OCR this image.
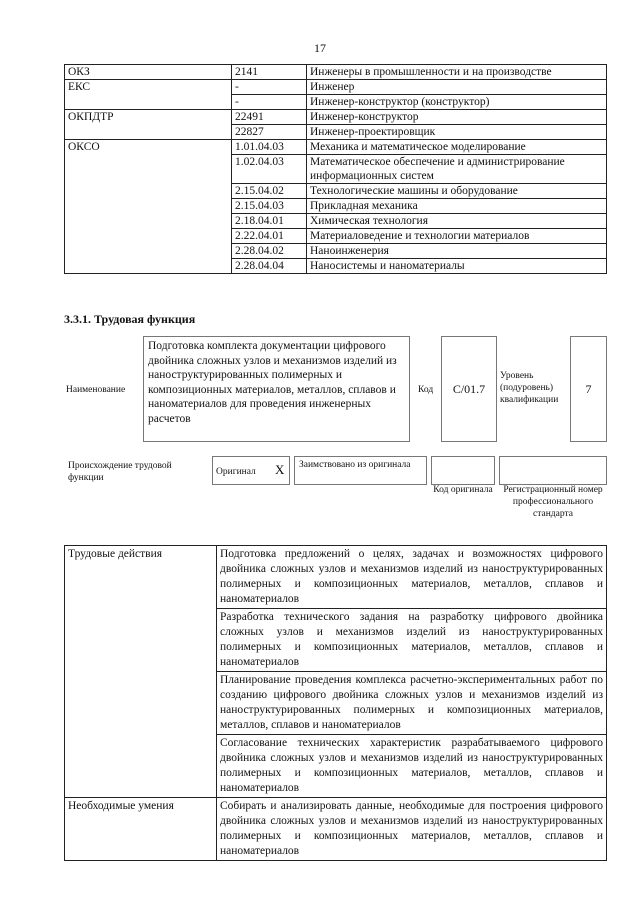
17
ОКЗ	2141	Инженеры в промышленности и на производстве
ЕКС	-	Инженер
	-	Инженер-конструктор (конструктор)
ОКПДТР	22491	Инженер-конструктор
	22827	Инженер-проектировщик
ОКСО	1.01.04.03	Механика и математическое моделирование
	1.02.04.03	Математическое обеспечение и администрирование информационных систем
	2.15.04.02	Технологические машины и оборудование
	2.15.04.03	Прикладная механика
	2.18.04.01	Химическая технология
	2.22.04.01	Материаловедение и технологии материалов
	2.28.04.02	Наноинженерия
	2.28.04.04	Наносистемы и наноматериалы
3.3.1. Трудовая функция
Наименование
Подготовка комплекта документации цифрового двойника сложных узлов и механизмов изделий из наноструктурированных полимерных и композиционных материалов, металлов, сплавов и наноматериалов для проведения инженерных расчетов
Код	C/01.7
Уровень (подуровень) квалификации
7
Происхождение трудовой функции
Оригинал X Заимствовано из оригинала
Код оригинала	Регистрационный номер профессионального стандарта
Трудовые действия	Подготовка предложений о целях, задачах и возможностях цифрового двойника сложных узлов и механизмов изделий из наноструктурированных полимерных и композиционных материалов, металлов, сплавов и наноматериалов
	Разработка технического задания на разработку цифрового двойника сложных узлов и механизмов изделий из наноструктурированных полимерных и композиционных материалов, металлов, сплавов и наноматериалов
	Планирование проведения комплекса расчетно-экспериментальных работ по созданию цифрового двойника сложных узлов и механизмов изделий из наноструктурированных полимерных и композиционных материалов, металлов, сплавов и наноматериалов
	Согласование технических характеристик разрабатываемого цифрового двойника сложных узлов и механизмов изделий из наноструктурированных полимерных и композиционных материалов, металлов, сплавов и наноматериалов
Необходимые умения	Собирать и анализировать данные, необходимые для построения цифрового двойника сложных узлов и механизмов изделий из наноструктурированных полимерных и композиционных материалов, металлов, сплавов и наноматериалов
